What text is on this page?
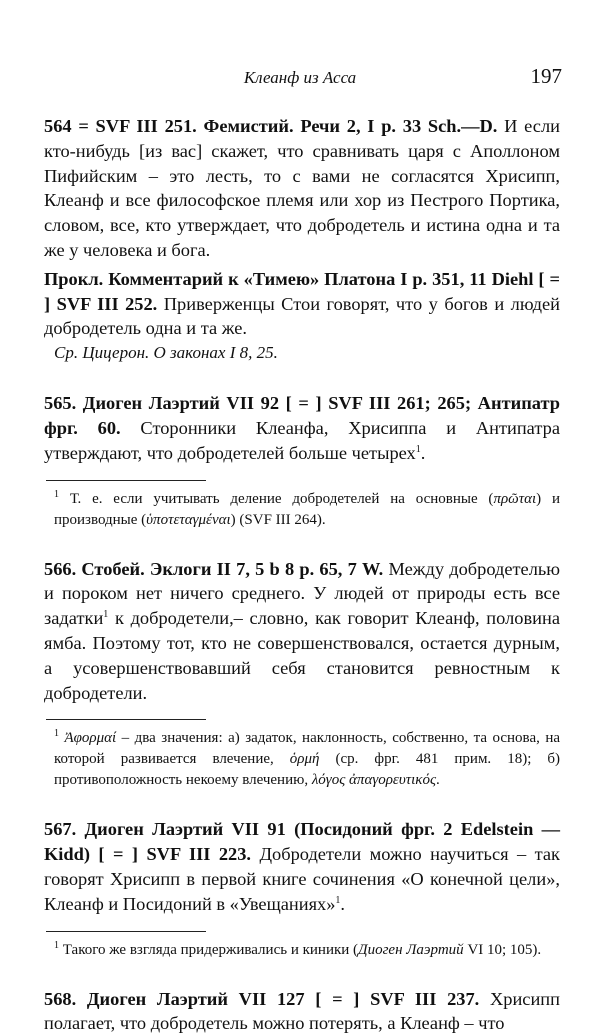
Клеанф из Асса	197

564 = SVF III 251. Фемистий. Речи 2, I р. 33 Sch.—D. И если кто-нибудь [из вас] скажет, что сравнивать царя с Аполлоном Пифийским – это лесть, то с вами не согласятся Хрисипп, Клеанф и все философское племя или хор из Пестрого Портика, словом, все, кто утверждает, что добродетель и истина одна и та же у человека и бога.

Прокл. Комментарий к «Тимею» Платона I р. 351, 11 Diehl [ = ] SVF III 252. Приверженцы Стои говорят, что у богов и людей добродетель одна и та же.

Ср. Цицерон. О законах I 8, 25.

565. Диоген Лаэртий VII 92 [ = ] SVF III 261; 265; Антипатр фрг. 60. Сторонники Клеанфа, Хрисиппа и Антипатра утверждают, что добродетелей больше четырех$^1$.

$^1$ Т. е. если учитывать деление добродетелей на основные (πρῶται) и производные (ὑποτεταγμέναι) (SVF III 264).

566. Стобей. Эклоги II 7, 5 b 8 р. 65, 7 W. Между добродетелью и пороком нет ничего среднего. У людей от природы есть все задатки$^1$ к добродетели,– словно, как говорит Клеанф, половина ямба. Поэтому тот, кто не совершенствовался, остается дурным, а усовершенствовавший себя становится ревностным к добродетели.

$^1$ Ἀφορμαί – два значения: а) задаток, наклонность, собственно, та основа, на которой развивается влечение, ὁρμή (ср. фрг. 481 прим. 18); б) противоположность некоему влечению, λόγος ἀπαγορευτικός.

567. Диоген Лаэртий VII 91 (Посидоний фрг. 2 Edelstein — Kidd) [ = ] SVF III 223. Добродетели можно научиться – так говорят Хрисипп в первой книге сочинения «О конечной цели», Клеанф и Посидоний в «Увещаниях»$^1$.

$^1$ Такого же взгляда придерживались и киники (Диоген Лаэртий VI 10; 105).

568. Диоген Лаэртий VII 127 [ = ] SVF III 237. Хрисипп полагает, что добродетель можно потерять, а Клеанф – что
